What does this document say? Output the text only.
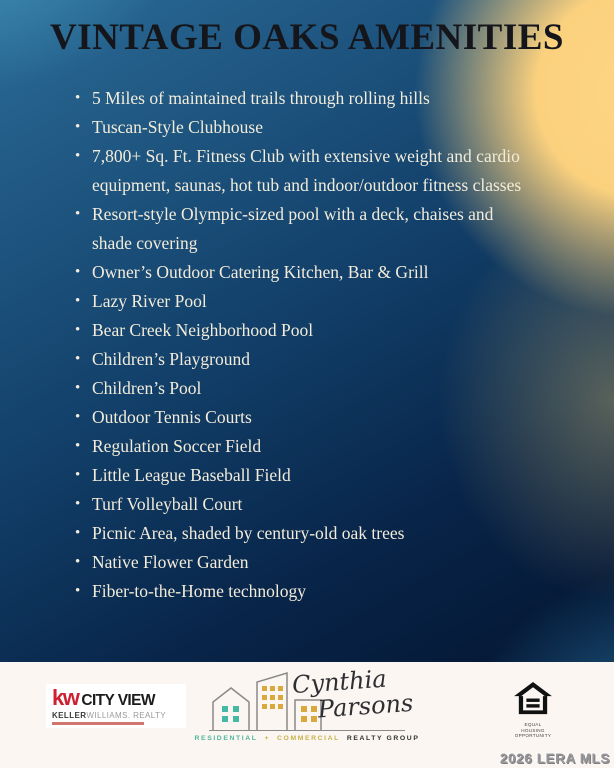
VINTAGE OAKS AMENITIES
• 5 Miles of maintained trails through rolling hills
• Tuscan-Style Clubhouse
• 7,800+ Sq. Ft. Fitness Club with extensive weight and cardio equipment, saunas, hot tub and indoor/outdoor fitness classes
• Resort-style Olympic-sized pool with a deck, chaises and shade covering
• Owner’s Outdoor Catering Kitchen, Bar & Grill
• Lazy River Pool
• Bear Creek Neighborhood Pool
• Children’s Playground
• Children’s Pool
• Outdoor Tennis Courts
• Regulation Soccer Field
• Little League Baseball Field
• Turf Volleyball Court
• Picnic Area, shaded by century-old oak trees
• Native Flower Garden
• Fiber-to-the-Home technology
kw CITY VIEW
KELLERWILLIAMS. REALTY
Cynthia
Parsons
RESIDENTIAL + COMMERCIAL REALTY GROUP
EQUAL HOUSING
OPPORTUNITY
2026 LERA MLS
